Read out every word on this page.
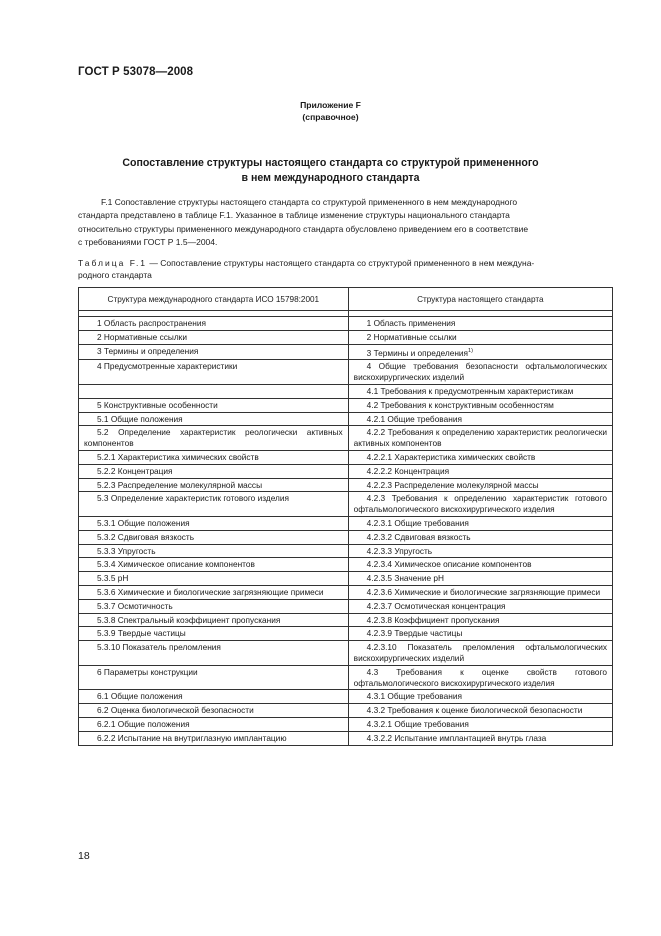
ГОСТ Р 53078—2008
Приложение F
(справочное)
Сопоставление структуры настоящего стандарта со структурой примененного
в нем международного стандарта
F.1 Сопоставление структуры настоящего стандарта со структурой примененного в нем международного
стандарта представлено в таблице F.1. Указанное в таблице изменение структуры национального стандарта
относительно структуры примененного международного стандарта обусловлено приведением его в соответствие
с требованиями ГОСТ Р 1.5—2004.
Таблица F.1 — Сопоставление структуры настоящего стандарта со структурой примененного в нем междуна-
родного стандарта
Структура международного стандарта ИСО 15798:2001	Структура настоящего стандарта

1 Область распространения	1 Область применения

2 Нормативные ссылки	2 Нормативные ссылки

3 Термины и определения	3 Термины и определения$^{1)}$

4 Предусмотренные характеристики	4 Общие требования безопасности офтальмологических вискохирургических изделий

	4.1 Требования к предусмотренным характеристикам

5 Конструктивные особенности	4.2 Требования к конструктивным особенностям

5.1 Общие положения	4.2.1 Общие требования

5.2 Определение характеристик реологически активных компонентов	4.2.2 Требования к определению характеристик реологически активных компонентов

5.2.1 Характеристика химических свойств	4.2.2.1 Характеристика химических свойств

5.2.2 Концентрация	4.2.2.2 Концентрация

5.2.3 Распределение молекулярной массы	4.2.2.3 Распределение молекулярной массы

5.3 Определение характеристик готового изделия	4.2.3 Требования к определению характеристик готового офтальмологического вискохирургического изделия

5.3.1 Общие положения	4.2.3.1 Общие требования

5.3.2 Сдвиговая вязкость	4.2.3.2 Сдвиговая вязкость

5.3.3 Упругость	4.2.3.3 Упругость

5.3.4 Химическое описание компонентов	4.2.3.4 Химическое описание компонентов

5.3.5 pH	4.2.3.5 Значение pH

5.3.6 Химические и биологические загрязняющие примеси	4.2.3.6 Химические и биологические загрязняющие примеси

5.3.7 Осмотичность	4.2.3.7 Осмотическая концентрация

5.3.8 Спектральный коэффициент пропускания	4.2.3.8 Коэффициент пропускания

5.3.9 Твердые частицы	4.2.3.9 Твердые частицы

5.3.10 Показатель преломления	4.2.3.10 Показатель преломления офтальмологических вискохирургических изделий

6 Параметры конструкции	4.3 Требования к оценке свойств готового офтальмологического вискохирургического изделия

6.1 Общие положения	4.3.1 Общие требования

6.2 Оценка биологической безопасности	4.3.2 Требования к оценке биологической безопасности

6.2.1 Общие положения	4.3.2.1 Общие требования

6.2.2 Испытание на внутриглазную имплантацию	4.3.2.2 Испытание имплантацией внутрь глаза
18
